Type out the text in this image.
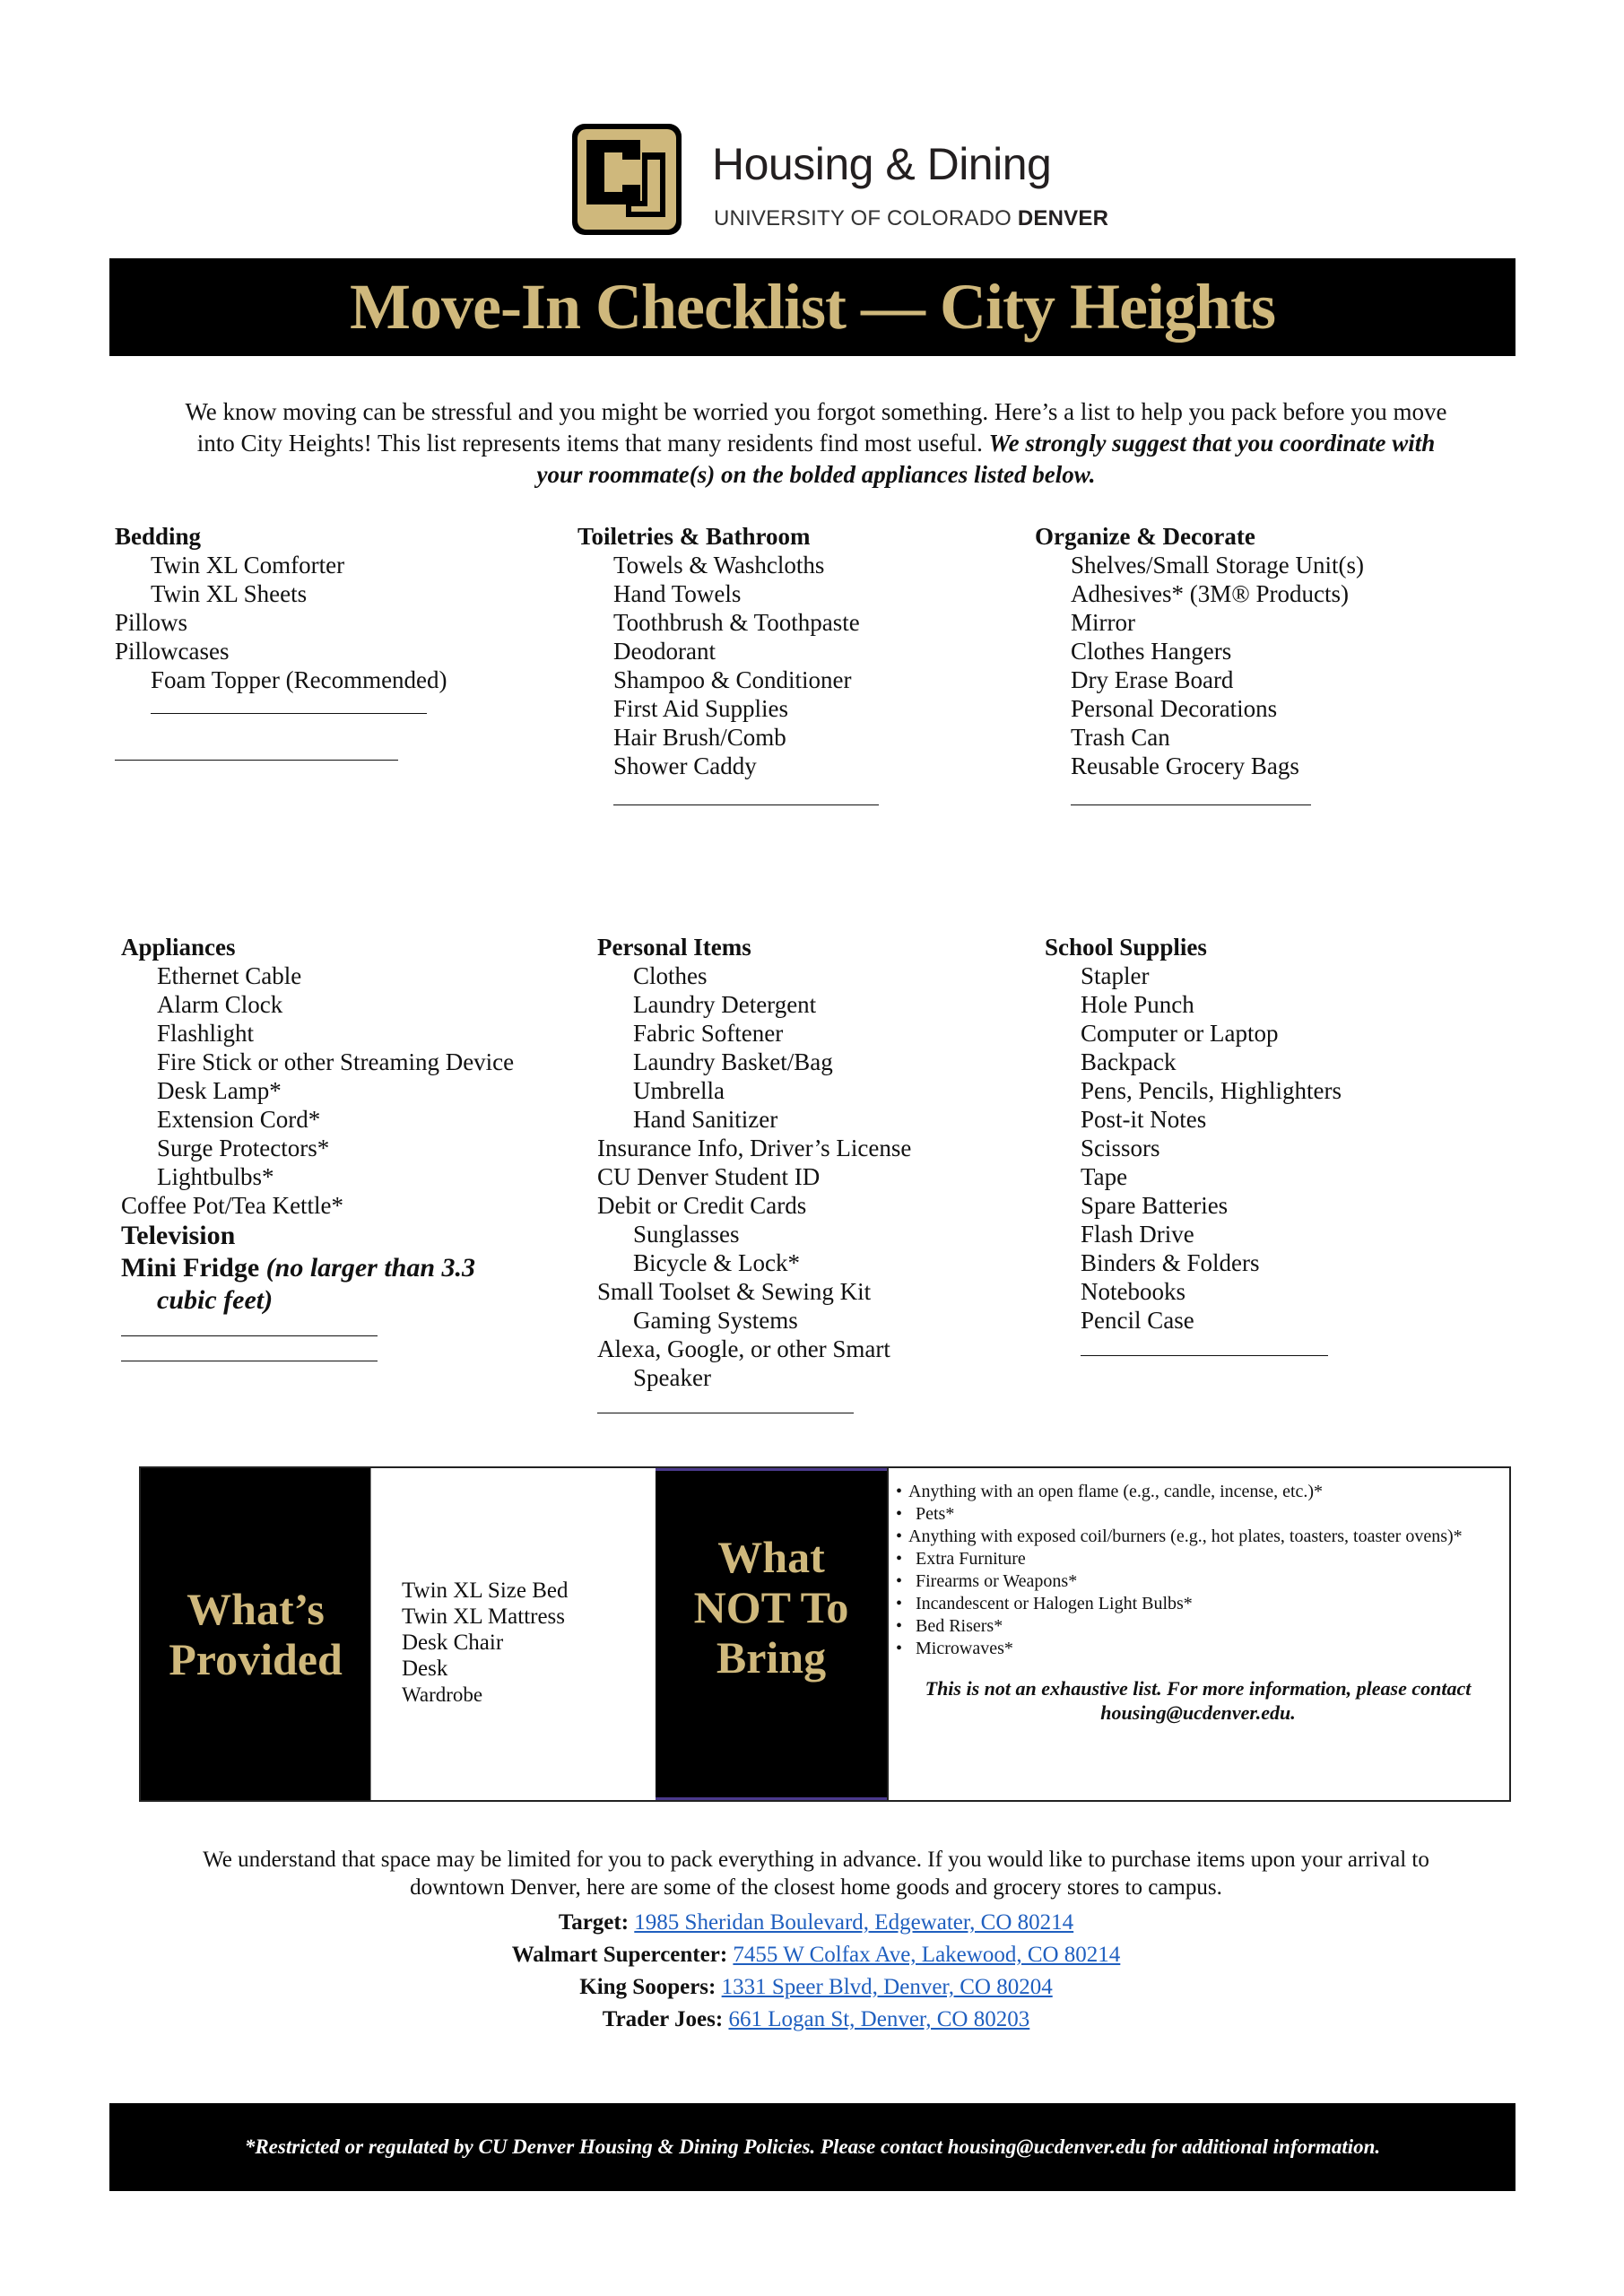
Housing & Dining
UNIVERSITY OF COLORADO DENVER
Move-In Checklist — City Heights

We know moving can be stressful and you might be worried you forgot something. Here’s a list to help you pack before you move into City Heights! This list represents items that many residents find most useful. We strongly suggest that you coordinate with your roommate(s) on the bolded appliances listed below.

Bedding
Twin XL Comforter
Twin XL Sheets
Pillows
Pillowcases
Foam Topper (Recommended)
Toiletries & Bathroom
Towels & Washcloths
Hand Towels
Toothbrush & Toothpaste
Deodorant
Shampoo & Conditioner
First Aid Supplies
Hair Brush/Comb
Shower Caddy
Organize & Decorate
Shelves/Small Storage Unit(s)
Adhesives* (3M® Products)
Mirror
Clothes Hangers
Dry Erase Board
Personal Decorations
Trash Can
Reusable Grocery Bags
Appliances
Ethernet Cable
Alarm Clock
Flashlight
Fire Stick or other Streaming Device
Desk Lamp*
Extension Cord*
Surge Protectors*
Lightbulbs*
Coffee Pot/Tea Kettle*
Television
Mini Fridge (no larger than 3.3
cubic feet)
Personal Items
Clothes
Laundry Detergent
Fabric Softener
Laundry Basket/Bag
Umbrella
Hand Sanitizer
Insurance Info, Driver’s License
CU Denver Student ID
Debit or Credit Cards
Sunglasses
Bicycle & Lock*
Small Toolset & Sewing Kit
Gaming Systems
Alexa, Google, or other Smart
Speaker
School Supplies
Stapler
Hole Punch
Computer or Laptop
Backpack
Pens, Pencils, Highlighters
Post-it Notes
Scissors
Tape
Spare Batteries
Flash Drive
Binders & Folders
Notebooks
Pencil Case
What’s
Provided
Twin XL Size Bed
Twin XL Mattress
Desk Chair
Desk
Wardrobe
What
NOT To
Bring
• Anything with an open flame (e.g., candle, incense, etc.)*
• Pets*
• Anything with exposed coil/burners (e.g., hot plates, toasters, toaster ovens)*
• Extra Furniture
• Firearms or Weapons*
• Incandescent or Halogen Light Bulbs*
• Bed Risers*
• Microwaves*

This is not an exhaustive list. For more information, please contact housing@ucdenver.edu.

We understand that space may be limited for you to pack everything in advance. If you would like to purchase items upon your arrival to downtown Denver, here are some of the closest home goods and grocery stores to campus.

Target: 1985 Sheridan Boulevard, Edgewater, CO 80214

Walmart Supercenter: 7455 W Colfax Ave, Lakewood, CO 80214

King Soopers: 1331 Speer Blvd, Denver, CO 80204

Trader Joes: 661 Logan St, Denver, CO 80203

*Restricted or regulated by CU Denver Housing & Dining Policies. Please contact housing@ucdenver.edu for additional information.
